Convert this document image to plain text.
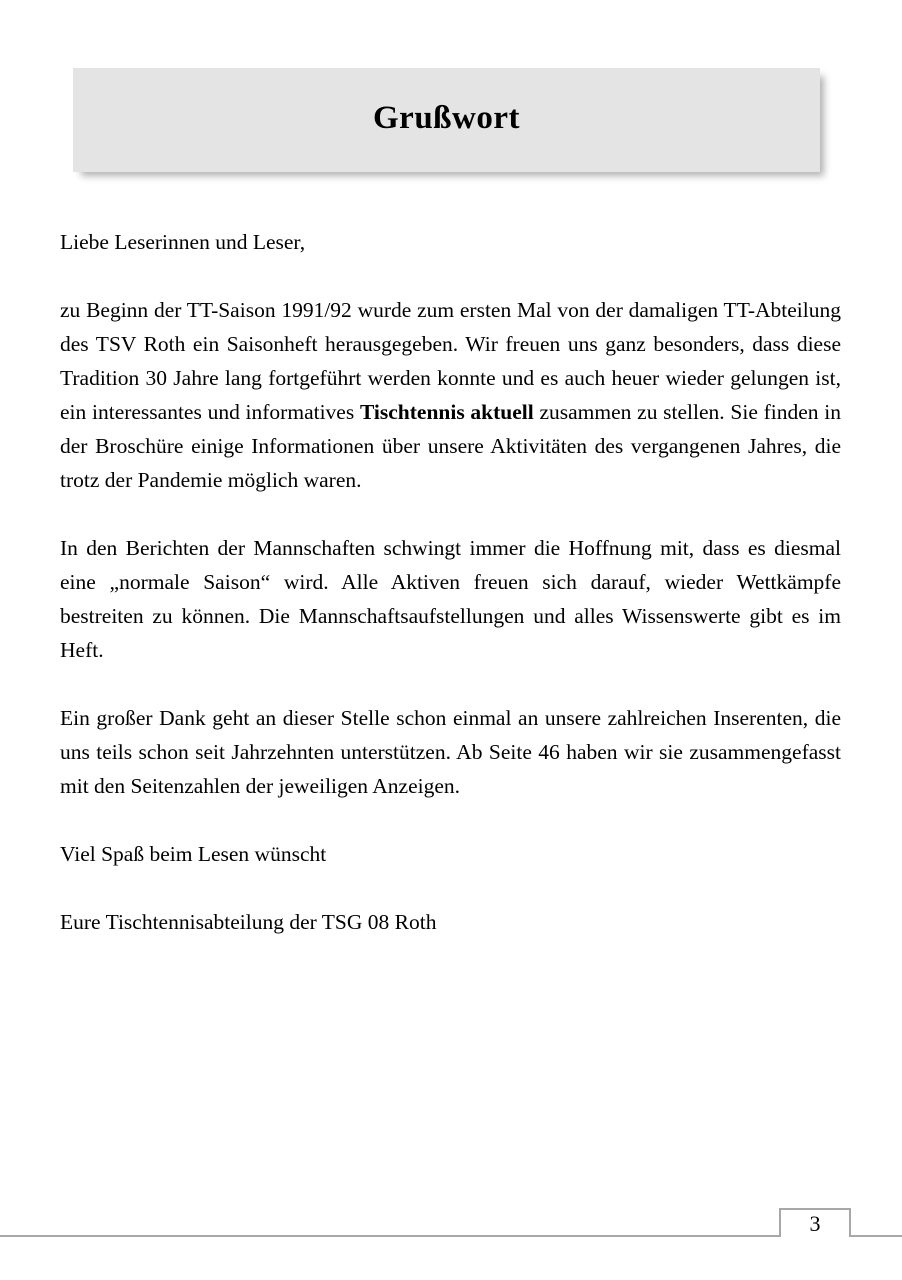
Grußwort

Liebe Leserinnen und Leser,

zu Beginn der TT-Saison 1991/92 wurde zum ersten Mal von der damaligen TT-Abteilung des TSV Roth ein Saisonheft herausgegeben. Wir freuen uns ganz besonders, dass diese Tradition 30 Jahre lang fortgeführt werden konnte und es auch heuer wieder gelungen ist, ein interessantes und informatives Tischtennis aktuell zusammen zu stellen. Sie finden in der Broschüre einige Informationen über unsere Aktivitäten des vergangenen Jahres, die trotz der Pandemie möglich waren.

In den Berichten der Mannschaften schwingt immer die Hoffnung mit, dass es diesmal eine „normale Saison“ wird. Alle Aktiven freuen sich darauf, wieder Wettkämpfe bestreiten zu können. Die Mannschaftsaufstellungen und alles Wissenswerte gibt es im Heft.

Ein großer Dank geht an dieser Stelle schon einmal an unsere zahlreichen Inserenten, die uns teils schon seit Jahrzehnten unterstützen. Ab Seite 46 haben wir sie zusammengefasst mit den Seitenzahlen der jeweiligen Anzeigen.

Viel Spaß beim Lesen wünscht

Eure Tischtennisabteilung der TSG 08 Roth

3
